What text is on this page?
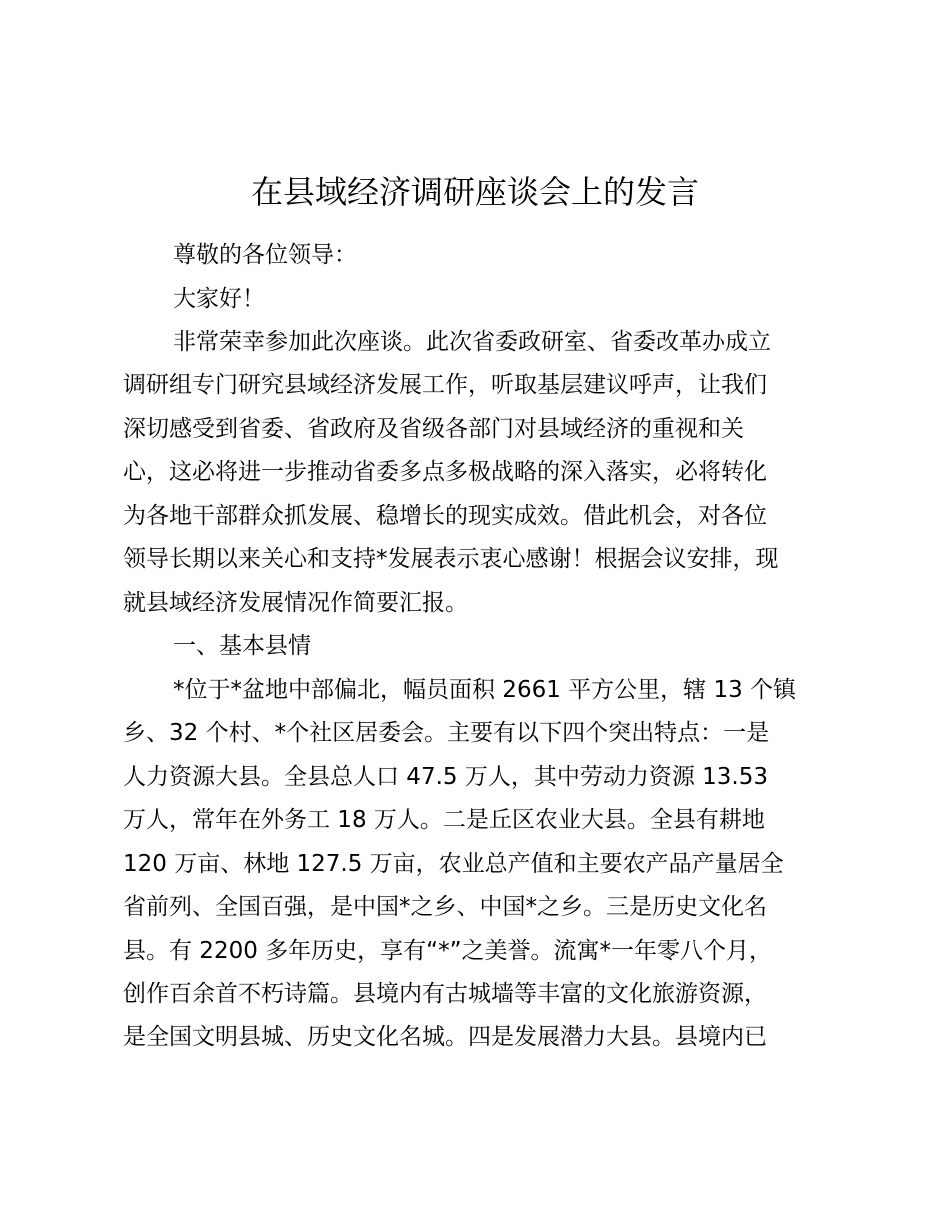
在县域经济调研座谈会上的发言
尊敬的各位领导：
大家好！
非常荣幸参加此次座谈。此次省委政研室、省委改革办成立
调研组专门研究县域经济发展工作，听取基层建议呼声，让我们
深切感受到省委、省政府及省级各部门对县域经济的重视和关
心，这必将进一步推动省委多点多极战略的深入落实，必将转化
为各地干部群众抓发展、稳增长的现实成效。借此机会，对各位
领导长期以来关心和支持*发展表示衷心感谢！根据会议安排，现
就县域经济发展情况作简要汇报。
一、基本县情
*位于*盆地中部偏北，幅员面积 2661 平方公里，辖 13 个镇
乡、32 个村、*个社区居委会。主要有以下四个突出特点：一是
人力资源大县。全县总人口 47.5 万人，其中劳动力资源 13.53
万人，常年在外务工 18 万人。二是丘区农业大县。全县有耕地
120 万亩、林地 127.5 万亩，农业总产值和主要农产品产量居全
省前列、全国百强，是中国*之乡、中国*之乡。三是历史文化名
县。有 2200 多年历史，享有“*”之美誉。流寓*一年零八个月，
创作百余首不朽诗篇。县境内有古城墙等丰富的文化旅游资源，
是全国文明县城、历史文化名城。四是发展潜力大县。县境内已
